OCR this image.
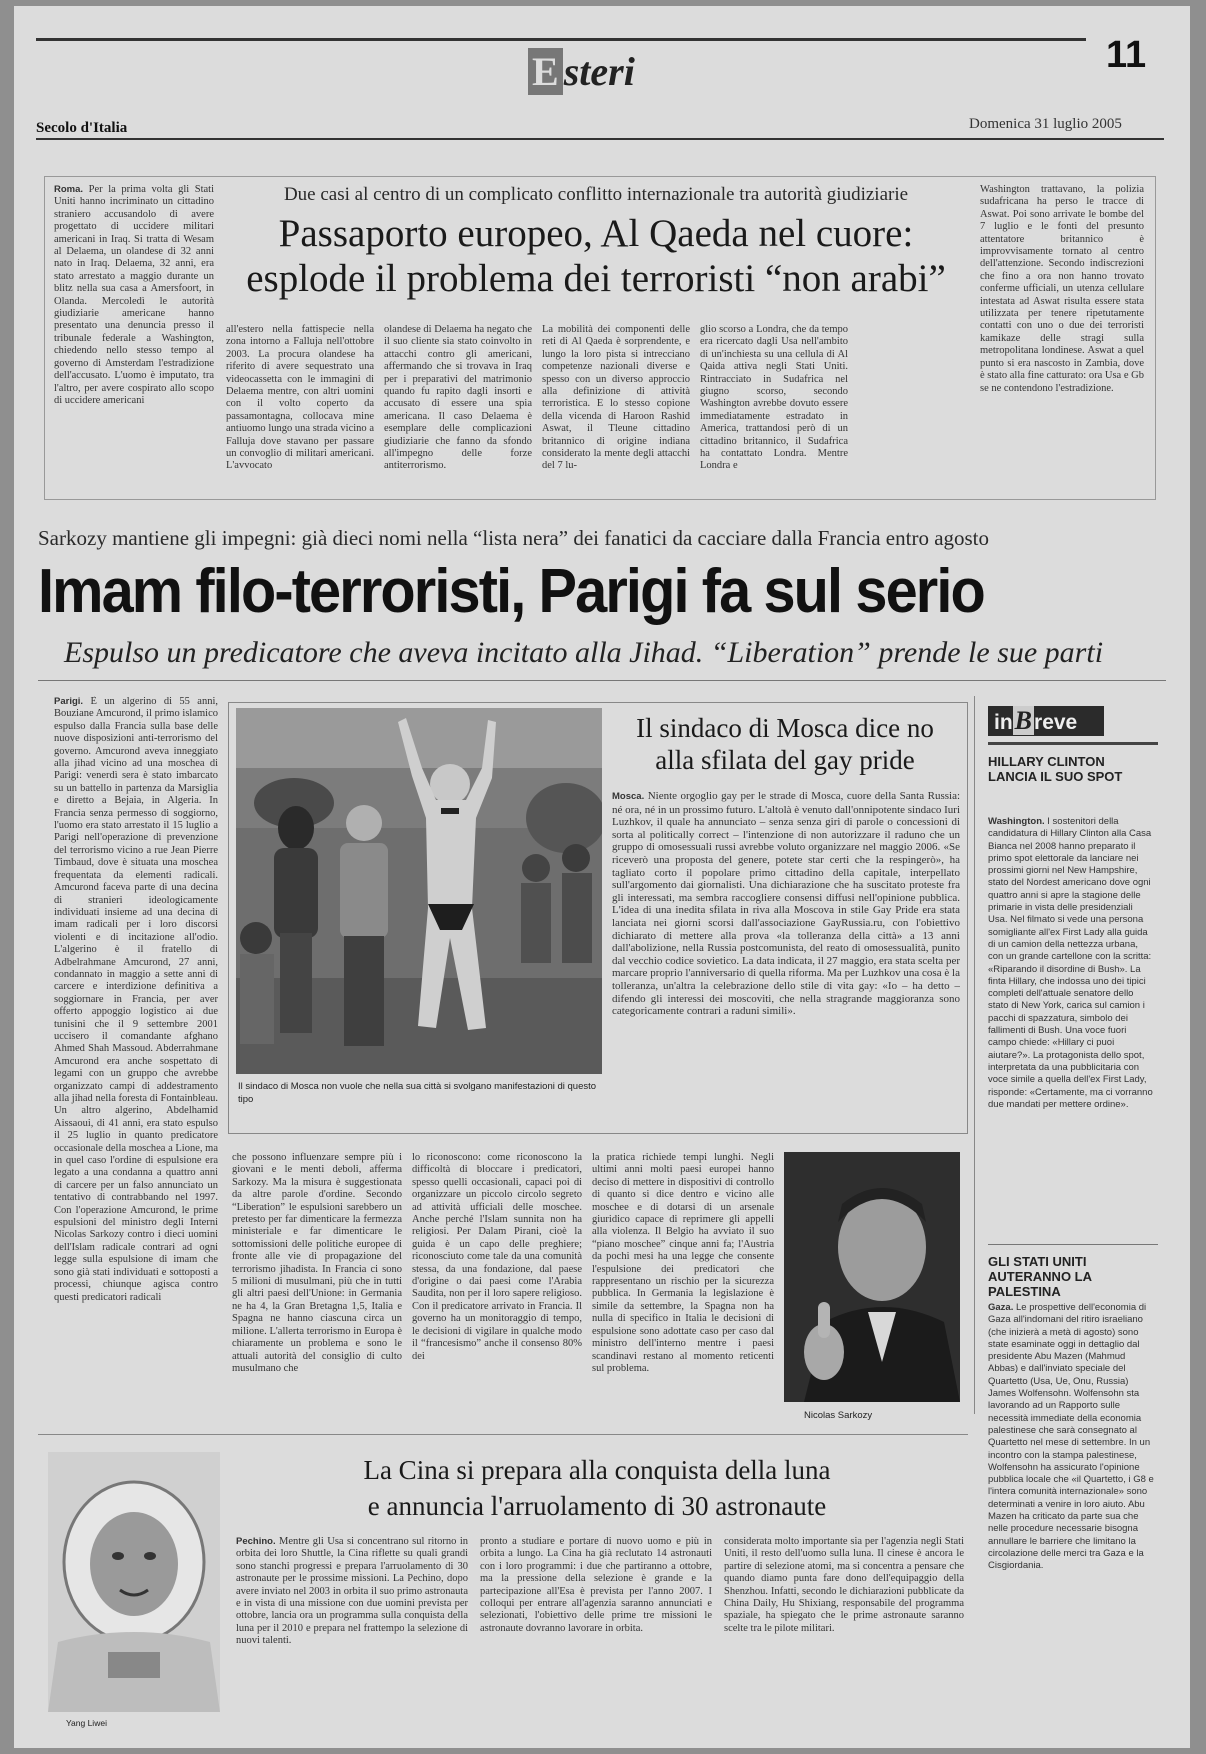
11
E steri
Secolo d'Italia	Domenica 31 luglio 2005
Roma. Per la prima volta gli Stati Uniti hanno incriminato un cittadino straniero accusandolo di avere progettato di uccidere militari americani in Iraq. Si tratta di Wesam al Delaema, un olandese di 32 anni nato in Iraq. Delaema, 32 anni, era stato arrestato a maggio durante un blitz nella sua casa a Amersfoort, in Olanda. Mercoledì le autorità giudiziarie americane hanno presentato una denuncia presso il tribunale federale a Washington, chiedendo nello stesso tempo al governo di Amsterdam l'estradizione dell'accusato. L'uomo è imputato, tra l'altro, per avere cospirato allo scopo di uccidere americani
Due casi al centro di un complicato conflitto internazionale tra autorità giudiziarie
Passaporto europeo, Al Qaeda nel cuore:
esplode il problema dei terroristi “non arabi”
all'estero nella fattispecie nella zona intorno a Falluja nell'ottobre 2003. La procura olandese ha riferito di avere sequestrato una videocassetta con le immagini di Delaema mentre, con altri uomini con il volto coperto da passamontagna, collocava mine antiuomo lungo una strada vicino a Falluja dove stavano per passare un convoglio di militari americani. L'avvocato
olandese di Delaema ha negato che il suo cliente sia stato coinvolto in attacchi contro gli americani, affermando che si trovava in Iraq per i preparativi del matrimonio quando fu rapito dagli insorti e accusato di essere una spia americana. Il caso Delaema è esemplare delle complicazioni giudiziarie che fanno da sfondo all'impegno delle forze antiterrorismo.
La mobilità dei componenti delle reti di Al Qaeda è sorprendente, e lungo la loro pista si intrecciano competenze nazionali diverse e spesso con un diverso approccio alla definizione di attività terroristica. E lo stesso copione della vicenda di Haroon Rashid Aswat, il Tleune cittadino britannico di origine indiana considerato la mente degli attacchi del 7 lu-
glio scorso a Londra, che da tempo era ricercato dagli Usa nell'ambito di un'inchiesta su una cellula di Al Qaida attiva negli Stati Uniti. Rintracciato in Sudafrica nel giugno scorso, secondo Washington avrebbe dovuto essere immediatamente estradato in America, trattandosi però di un cittadino britannico, il Sudafrica ha contattato Londra. Mentre Londra e
Washington trattavano, la polizia sudafricana ha perso le tracce di Aswat. Poi sono arrivate le bombe del 7 luglio e le fonti del presunto attentatore britannico è improvvisamente tornato al centro dell'attenzione. Secondo indiscrezioni che fino a ora non hanno trovato conferme ufficiali, un utenza cellulare intestata ad Aswat risulta essere stata utilizzata per tenere ripetutamente contatti con uno o due dei terroristi kamikaze delle stragi sulla metropolitana londinese. Aswat a quel punto si era nascosto in Zambia, dove è stato alla fine catturato: ora Usa e Gb se ne contendono l'estradizione.
Sarkozy mantiene gli impegni: già dieci nomi nella “lista nera” dei fanatici da cacciare dalla Francia entro agosto
Imam filo-terroristi, Parigi fa sul serio
Espulso un predicatore che aveva incitato alla Jihad. “Liberation” prende le sue parti
Parigi. È un algerino di 55 anni, Bouziane Amcurond, il primo islamico espulso dalla Francia sulla base delle nuove disposizioni anti-terrorismo del governo. Amcurond aveva inneggiato alla jihad vicino ad una moschea di Parigi: venerdì sera è stato imbarcato su un battello in partenza da Marsiglia e diretto a Bejaia, in Algeria. In Francia senza permesso di soggiorno, l'uomo era stato arrestato il 15 luglio a Parigi nell'operazione di prevenzione del terrorismo vicino a rue Jean Pierre Timbaud, dove è situata una moschea frequentata da elementi radicali. Amcurond faceva parte di una decina di stranieri ideologicamente individuati insieme ad una decina di imam radicali per i loro discorsi violenti e di incitazione all'odio. L'algerino è il fratello di Adbelrahmane Amcurond, 27 anni, condannato in maggio a sette anni di carcere e interdizione definitiva a soggiornare in Francia, per aver offerto appoggio logistico ai due tunisini che il 9 settembre 2001 uccisero il comandante afghano Ahmed Shah Massoud. Abderrahmane Amcurond era anche sospettato di legami con un gruppo che avrebbe organizzato campi di addestramento alla jihad nella foresta di Fontainbleau. Un altro algerino, Abdelhamid Aissaoui, di 41 anni, era stato espulso il 25 luglio in quanto predicatore occasionale della moschea a Lione, ma in quel caso l'ordine di espulsione era legato a una condanna a quattro anni di carcere per un falso annunciato un tentativo di contrabbando nel 1997. Con l'operazione Amcurond, le prime espulsioni del ministro degli Interni Nicolas Sarkozy contro i dieci uomini dell'Islam radicale contrari ad ogni legge sulla espulsione di imam che sono già stati individuati e sottoposti a processi, chiunque agisca contro questi predicatori radicali
Il sindaco di Mosca non vuole che nella sua città si svolgano manifestazioni di questo tipo
Il sindaco di Mosca dice no
alla sfilata del gay pride
Mosca. Niente orgoglio gay per le strade di Mosca, cuore della Santa Russia: né ora, né in un prossimo futuro. L'altolà è venuto dall'onnipotente sindaco Iuri Luzhkov, il quale ha annunciato – senza senza giri di parole o concessioni di sorta al politically correct – l'intenzione di non autorizzare il raduno che un gruppo di omosessuali russi avrebbe voluto organizzare nel maggio 2006. «Se riceverò una proposta del genere, potete star certi che la respingerò», ha tagliato corto il popolare primo cittadino della capitale, interpellato sull'argomento dai giornalisti. Una dichiarazione che ha suscitato proteste fra gli interessati, ma sembra raccogliere consensi diffusi nell'opinione pubblica. L'idea di una inedita sfilata in riva alla Moscova in stile Gay Pride era stata lanciata nei giorni scorsi dall'associazione GayRussia.ru, con l'obiettivo dichiarato di mettere alla prova «la tolleranza della città» a 13 anni dall'abolizione, nella Russia postcomunista, del reato di omosessualità, punito dal vecchio codice sovietico. La data indicata, il 27 maggio, era stata scelta per marcare proprio l'anniversario di quella riforma. Ma per Luzhkov una cosa è la tolleranza, un'altra la celebrazione dello stile di vita gay: «Io – ha detto – difendo gli interessi dei moscoviti, che nella stragrande maggioranza sono categoricamente contrari a raduni simili».
che possono influenzare sempre più i giovani e le menti deboli, afferma Sarkozy. Ma la misura è suggestionata da altre parole d'ordine. Secondo “Liberation” le espulsioni sarebbero un pretesto per far dimenticare la fermezza ministeriale e far dimenticare le sottomissioni delle politiche europee di fronte alle vie di propagazione del terrorismo jihadista. In Francia ci sono 5 milioni di musulmani, più che in tutti gli altri paesi dell'Unione: in Germania ne ha 4, la Gran Bretagna 1,5, Italia e Spagna ne hanno ciascuna circa un milione. L'allerta terrorismo in Europa è chiaramente un problema e sono le attuali autorità del consiglio di culto musulmano che
lo riconoscono: come riconoscono la difficoltà di bloccare i predicatori, spesso quelli occasionali, capaci poi di organizzare un piccolo circolo segreto ad attività ufficiali delle moschee. Anche perché l'Islam sunnita non ha religiosi. Per Dalam Pirani, cioè la guida è un capo delle preghiere; riconosciuto come tale da una comunità stessa, da una fondazione, dal paese d'origine o dai paesi come l'Arabia Saudita, non per il loro sapere religioso. Con il predicatore arrivato in Francia. Il governo ha un monitoraggio di tempo, le decisioni di vigilare in qualche modo il “francesismo” anche il consenso 80% dei
la pratica richiede tempi lunghi. Negli ultimi anni molti paesi europei hanno deciso di mettere in dispositivi di controllo di quanto si dice dentro e vicino alle moschee e di dotarsi di un arsenale giuridico capace di reprimere gli appelli alla violenza. Il Belgio ha avviato il suo “piano moschee” cinque anni fa; l'Austria da pochi mesi ha una legge che consente l'espulsione dei predicatori che rappresentano un rischio per la sicurezza pubblica. In Germania la legislazione è simile da settembre, la Spagna non ha nulla di specifico in Italia le decisioni di espulsione sono adottate caso per caso dal ministro dell'interno mentre i paesi scandinavi restano al momento reticenti sul problema.
Nicolas Sarkozy
inBreve
HILLARY CLINTON LANCIA IL SUO SPOT
Washington. I sostenitori della candidatura di Hillary Clinton alla Casa Bianca nel 2008 hanno preparato il primo spot elettorale da lanciare nei prossimi giorni nel New Hampshire, stato del Nordest americano dove ogni quattro anni si apre la stagione delle primarie in vista delle presidenziali Usa. Nel filmato si vede una persona somigliante all'ex First Lady alla guida di un camion della nettezza urbana, con un grande cartellone con la scritta: «Riparando il disordine di Bush». La finta Hillary, che indossa uno dei tipici completi dell'attuale senatore dello stato di New York, carica sul camion i pacchi di spazzatura, simbolo dei fallimenti di Bush. Una voce fuori campo chiede: «Hillary ci puoi aiutare?». La protagonista dello spot, interpretata da una pubblicitaria con voce simile a quella dell'ex First Lady, risponde: «Certamente, ma ci vorranno due mandati per mettere ordine».
GLI STATI UNITI AUTERANNO LA PALESTINA
Gaza. Le prospettive dell'economia di Gaza all'indomani del ritiro israeliano (che inizierà a metà di agosto) sono state esaminate oggi in dettaglio dal presidente Abu Mazen (Mahmud Abbas) e dall'inviato speciale del Quartetto (Usa, Ue, Onu, Russia) James Wolfensohn. Wolfensohn sta lavorando ad un Rapporto sulle necessità immediate della economia palestinese che sarà consegnato al Quartetto nel mese di settembre. In un incontro con la stampa palestinese, Wolfensohn ha assicurato l'opinione pubblica locale che «il Quartetto, i G8 e l'intera comunità internazionale» sono determinati a venire in loro aiuto. Abu Mazen ha criticato da parte sua che nelle procedure necessarie bisogna annullare le barriere che limitano la circolazione delle merci tra Gaza e la Cisgiordania.
Yang Liwei
La Cina si prepara alla conquista della luna
e annuncia l'arruolamento di 30 astronaute
Pechino. Mentre gli Usa si concentrano sul ritorno in orbita dei loro Shuttle, la Cina riflette su quali grandi sono stanchi progressi e prepara l'arruolamento di 30 astronaute per le prossime missioni. La Pechino, dopo avere inviato nel 2003 in orbita il suo primo astronauta e in vista di una missione con due uomini prevista per ottobre, lancia ora un programma sulla conquista della luna per il 2010 e prepara nel frattempo la selezione di nuovi talenti.
pronto a studiare e portare di nuovo uomo e più in orbita a lungo. La Cina ha già reclutato 14 astronauti con i loro programmi: i due che partiranno a ottobre, ma la pressione della selezione è grande e la partecipazione all'Esa è prevista per l'anno 2007. I colloqui per entrare all'agenzia saranno annunciati e selezionati, l'obiettivo delle prime tre missioni le astronaute dovranno lavorare in orbita.
considerata molto importante sia per l'agenzia negli Stati Uniti, il resto dell'uomo sulla luna. Il cinese è ancora le partire di selezione atomi, ma si concentra a pensare che quando diamo punta fare dono dell'equipaggio della Shenzhou. Infatti, secondo le dichiarazioni pubblicate da China Daily, Hu Shixiang, responsabile del programma spaziale, ha spiegato che le prime astronaute saranno scelte tra le pilote militari.
